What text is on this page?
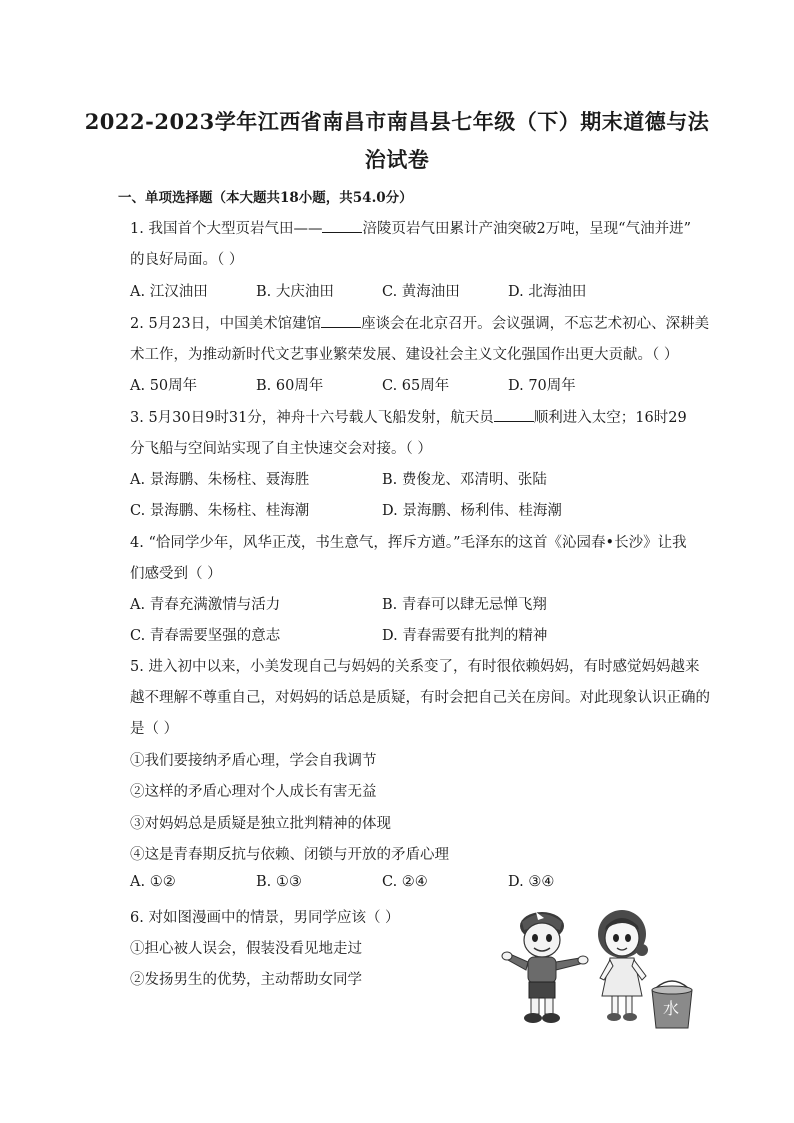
2022-2023学年江西省南昌市南昌县七年级（下）期末道德与法
治试卷
一、单项选择题（本大题共18小题，共54.0分）
1. 我国首个大型页岩气田——	涪陵页岩气田累计产油突破2万吨，呈现“气油并进”
的良好局面。（ ）
A. 江汉油田	B. 大庆油田	C. 黄海油田	D. 北海油田
2. 5月23日，中国美术馆建馆	座谈会在北京召开。会议强调，不忘艺术初心、深耕美
术工作，为推动新时代文艺事业繁荣发展、建设社会主义文化强国作出更大贡献。（ ）
A. 50周年	B. 60周年	C. 65周年	D. 70周年
3. 5月30日9时31分，神舟十六号载人飞船发射，航天员	顺利进入太空；16时29
分飞船与空间站实现了自主快速交会对接。（ ）
A. 景海鹏、朱杨柱、聂海胜	B. 费俊龙、邓清明、张陆
C. 景海鹏、朱杨柱、桂海潮	D. 景海鹏、杨利伟、桂海潮
4. “恰同学少年，风华正茂，书生意气，挥斥方遒。”毛泽东的这首《沁园春•长沙》让我
们感受到（ ）
A. 青春充满激情与活力	B. 青春可以肆无忌惮飞翔
C. 青春需要坚强的意志	D. 青春需要有批判的精神
5. 进入初中以来，小美发现自己与妈妈的关系变了，有时很依赖妈妈，有时感觉妈妈越来
越不理解不尊重自己，对妈妈的话总是质疑，有时会把自己关在房间。对此现象认识正确的
是（ ）
①我们要接纳矛盾心理，学会自我调节
②这样的矛盾心理对个人成长有害无益
③对妈妈总是质疑是独立批判精神的体现
④这是青春期反抗与依赖、闭锁与开放的矛盾心理
A. ①②	B. ①③	C. ②④	D. ③④
6. 对如图漫画中的情景，男同学应该（ ）
①担心被人误会，假装没看见地走过
②发扬男生的优势，主动帮助女同学
水
